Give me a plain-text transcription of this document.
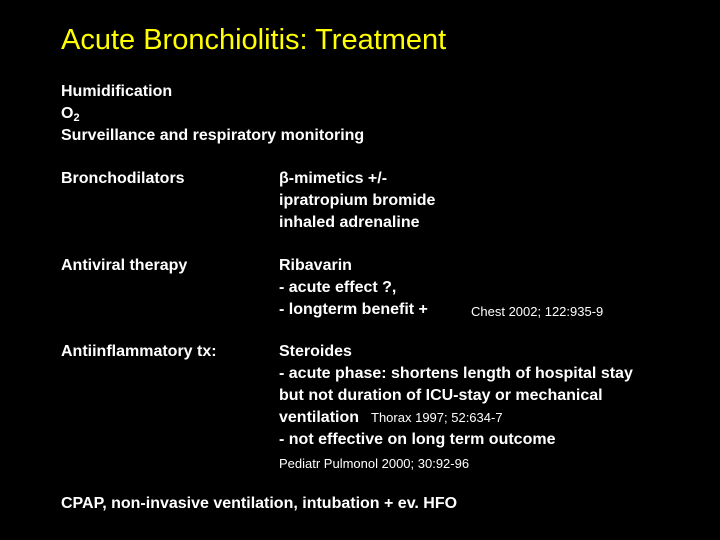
Acute Bronchiolitis: Treatment
Humidification
$O_2$
Surveillance and respiratory monitoring
Bronchodilators	β-mimetics +/-
ipratropium bromide
inhaled adrenaline
Antiviral therapy	Ribavarin
- acute effect ?,
- longterm benefit +	Chest 2002; 122:935-9
Antiinflammatory tx:	Steroides
- acute phase: shortens length of hospital stay
but not duration of ICU-stay or mechanical
ventilation Thorax 1997; 52:634-7
- not effective on long term outcome
Pediatr Pulmonol 2000; 30:92-96
CPAP, non-invasive ventilation, intubation + ev. HFO
